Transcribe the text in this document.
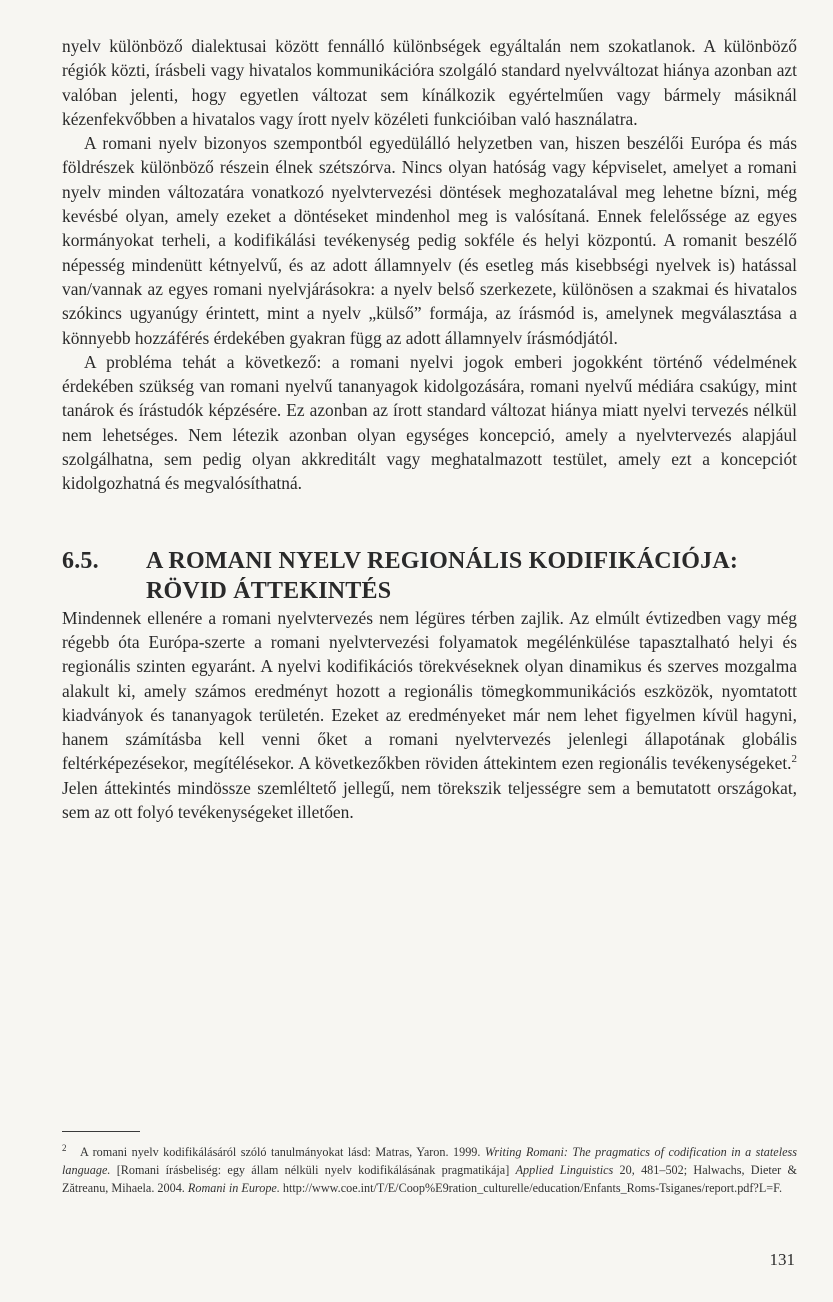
nyelv különböző dialektusai között fennálló különbségek egyáltalán nem szokatlanok. A különböző régiók közti, írásbeli vagy hivatalos kommunikációra szolgáló standard nyelvváltozat hiánya azonban azt valóban jelenti, hogy egyetlen változat sem kínálkozik egyértelműen vagy bármely másiknál kézenfekvőbben a hivatalos vagy írott nyelv közéleti funkcióiban való használatra.

A romani nyelv bizonyos szempontból egyedülálló helyzetben van, hiszen beszélői Európa és más földrészek különböző részein élnek szétszórva. Nincs olyan hatóság vagy képviselet, amelyet a romani nyelv minden változatára vonatkozó nyelvtervezési döntések meghozatalával meg lehetne bízni, még kevésbé olyan, amely ezeket a döntéseket mindenhol meg is valósítaná. Ennek felelőssége az egyes kormányokat terheli, a kodifikálási tevékenység pedig sokféle és helyi központú. A romanit beszélő népesség mindenütt kétnyelvű, és az adott államnyelv (és esetleg más kisebbségi nyelvek is) hatással van/vannak az egyes romani nyelvjárásokra: a nyelv belső szerkezete, különösen a szakmai és hivatalos szókincs ugyanúgy érintett, mint a nyelv „külső” formája, az írásmód is, amelynek megválasztása a könnyebb hozzáférés érdekében gyakran függ az adott államnyelv írásmódjától.

A probléma tehát a következő: a romani nyelvi jogok emberi jogokként történő védelmének érdekében szükség van romani nyelvű tananyagok kidolgozására, romani nyelvű médiára csakúgy, mint tanárok és írástudók képzésére. Ez azonban az írott standard változat hiánya miatt nyelvi tervezés nélkül nem lehetséges. Nem létezik azonban olyan egységes koncepció, amely a nyelvtervezés alapjául szolgálhatna, sem pedig olyan akkreditált vagy meghatalmazott testület, amely ezt a koncepciót kidolgozhatná és megvalósíthatná.

6.5.	A ROMANI NYELV REGIONÁLIS KODIFIKÁCIÓJA:
RÖVID ÁTTEKINTÉS

Mindennek ellenére a romani nyelvtervezés nem légüres térben zajlik. Az elmúlt évtizedben vagy még régebb óta Európa-szerte a romani nyelvtervezési folyamatok megélénkülése tapasztalható helyi és regionális szinten egyaránt. A nyelvi kodifikációs törekvéseknek olyan dinamikus és szerves mozgalma alakult ki, amely számos eredményt hozott a regionális tömegkommunikációs eszközök, nyomtatott kiadványok és tananyagok területén. Ezeket az eredményeket már nem lehet figyelmen kívül hagyni, hanem számításba kell venni őket a romani nyelvtervezés jelenlegi állapotának globális feltérképezésekor, megítélésekor. A következőkben röviden áttekintem ezen regionális tevékenységeket.$^2$ Jelen áttekintés mindössze szemléltető jellegű, nem törekszik teljességre sem a bemutatott országokat, sem az ott folyó tevékenységeket illetően.

2 A romani nyelv kodifikálásáról szóló tanulmányokat lásd: Matras, Yaron. 1999. Writing Romani: The pragmatics of codification in a stateless language. [Romani írásbeliség: egy állam nélküli nyelv kodifikálásának pragmatikája] Applied Linguistics 20, 481–502; Halwachs, Dieter & Zătreanu, Mihaela. 2004. Romani in Europe. http://www.coe.int/T/E/Coop%E9ration_culturelle/education/Enfants_Roms-Tsiganes/report.pdf?L=F.
131
